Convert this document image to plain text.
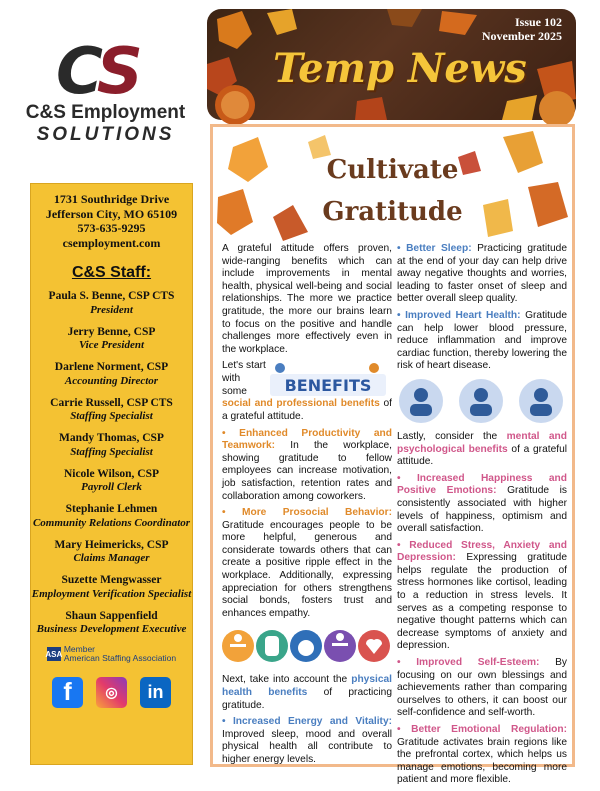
CS
C&S Employment
SOLUTIONS
Temp News
Issue 102
November 2025
1731 Southridge Drive
Jefferson City, MO 65109
573-635-9295
csemployment.com
C&S Staff:
Paula S. Benne, CSP CTS
President
Jerry Benne, CSP
Vice President
Darlene Norment, CSP
Accounting Director
Carrie Russell, CSP CTS
Staffing Specialist
Mandy Thomas, CSP
Staffing Specialist
Nicole Wilson, CSP
Payroll Clerk
Stephanie Lehmen
Community Relations Coordinator
Mary Heimericks, CSP
Claims Manager
Suzette Mengwasser
Employment Verification Specialist
Shaun Sappenfield
Business Development Executive
ASA Member
American Staffing Association
f	◎	in
Cultivate
Gratitude

A grateful attitude offers proven, wide-ranging benefits which can include improvements in mental health, physical well-being and social relationships. The more we practice gratitude, the more our brains learn to focus on the positive and handle challenges more effectively even in the workplace.

Let's start with some	BENEFITS

social and professional benefits of a grateful attitude.

• Enhanced Productivity and Teamwork: In the workplace, showing gratitude to fellow employees can increase motivation, job satisfaction, retention rates and collaboration among coworkers.

• More Prosocial Behavior: Gratitude encourages people to be more helpful, generous and considerate towards others that can create a positive ripple effect in the workplace. Additionally, expressing appreciation for others strengthens social bonds, fosters trust and enhances empathy.

Next, take into account the physical health benefits of practicing gratitude.

• Increased Energy and Vitality: Improved sleep, mood and overall physical health all contribute to higher energy levels.

• Better Sleep: Practicing gratitude at the end of your day can help drive away negative thoughts and worries, leading to faster onset of sleep and better overall sleep quality.

• Improved Heart Health: Gratitude can help lower blood pressure, reduce inflammation and improve cardiac function, thereby lowering the risk of heart disease.

Lastly, consider the mental and psychological benefits of a grateful attitude.

• Increased Happiness and Positive Emotions: Gratitude is consistently associated with higher levels of happiness, optimism and overall satisfaction.

• Reduced Stress, Anxiety and Depression: Expressing gratitude helps regulate the production of stress hormones like cortisol, leading to a reduction in stress levels. It serves as a competing response to negative thought patterns which can decrease symptoms of anxiety and depression.

• Improved Self-Esteem: By focusing on our own blessings and achievements rather than comparing ourselves to others, it can boost our self-confidence and self-worth.

• Better Emotional Regulation: Gratitude activates brain regions like the prefrontal cortex, which helps us manage emotions, becoming more patient and more flexible.
